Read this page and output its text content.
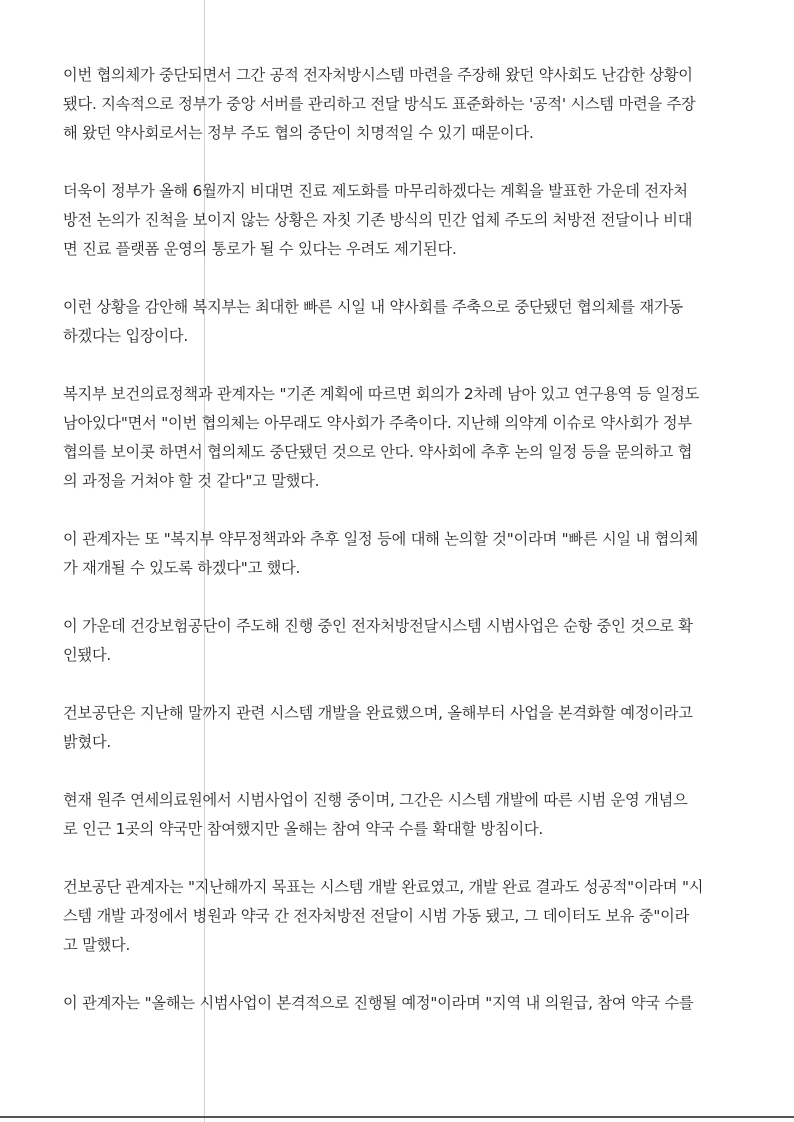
이번 협의체가 중단되면서 그간 공적 전자처방시스템 마련을 주장해 왔던 약사회도 난감한 상황이
됐다. 지속적으로 정부가 중앙 서버를 관리하고 전달 방식도 표준화하는 '공적' 시스템 마련을 주장
해 왔던 약사회로서는 정부 주도 협의 중단이 치명적일 수 있기 때문이다.

더욱이 정부가 올해 6월까지 비대면 진료 제도화를 마무리하겠다는 계획을 발표한 가운데 전자처
방전 논의가 진척을 보이지 않는 상황은 자칫 기존 방식의 민간 업체 주도의 처방전 전달이나 비대
면 진료 플랫폼 운영의 통로가 될 수 있다는 우려도 제기된다.

이런 상황을 감안해 복지부는 최대한 빠른 시일 내 약사회를 주축으로 중단됐던 협의체를 재가동
하겠다는 입장이다.

복지부 보건의료정책과 관계자는 "기존 계획에 따르면 회의가 2차례 남아 있고 연구용역 등 일정도
남아있다"면서 "이번 협의체는 아무래도 약사회가 주축이다. 지난해 의약계 이슈로 약사회가 정부
협의를 보이콧 하면서 협의체도 중단됐던 것으로 안다. 약사회에 추후 논의 일정 등을 문의하고 협
의 과정을 거쳐야 할 것 같다"고 말했다.

이 관계자는 또 "복지부 약무정책과와 추후 일정 등에 대해 논의할 것"이라며 "빠른 시일 내 협의체
가 재개될 수 있도록 하겠다"고 했다.

이 가운데 건강보험공단이 주도해 진행 중인 전자처방전달시스템 시범사업은 순항 중인 것으로 확
인됐다.

건보공단은 지난해 말까지 관련 시스템 개발을 완료했으며, 올해부터 사업을 본격화할 예정이라고
밝혔다.

현재 원주 연세의료원에서 시범사업이 진행 중이며, 그간은 시스템 개발에 따른 시범 운영 개념으
로 인근 1곳의 약국만 참여했지만 올해는 참여 약국 수를 확대할 방침이다.

건보공단 관계자는 "지난해까지 목표는 시스템 개발 완료였고, 개발 완료 결과도 성공적"이라며 "시
스템 개발 과정에서 병원과 약국 간 전자처방전 전달이 시범 가동 됐고, 그 데이터도 보유 중"이라
고 말했다.

이 관계자는 "올해는 시범사업이 본격적으로 진행될 예정"이라며 "지역 내 의원급, 참여 약국 수를
